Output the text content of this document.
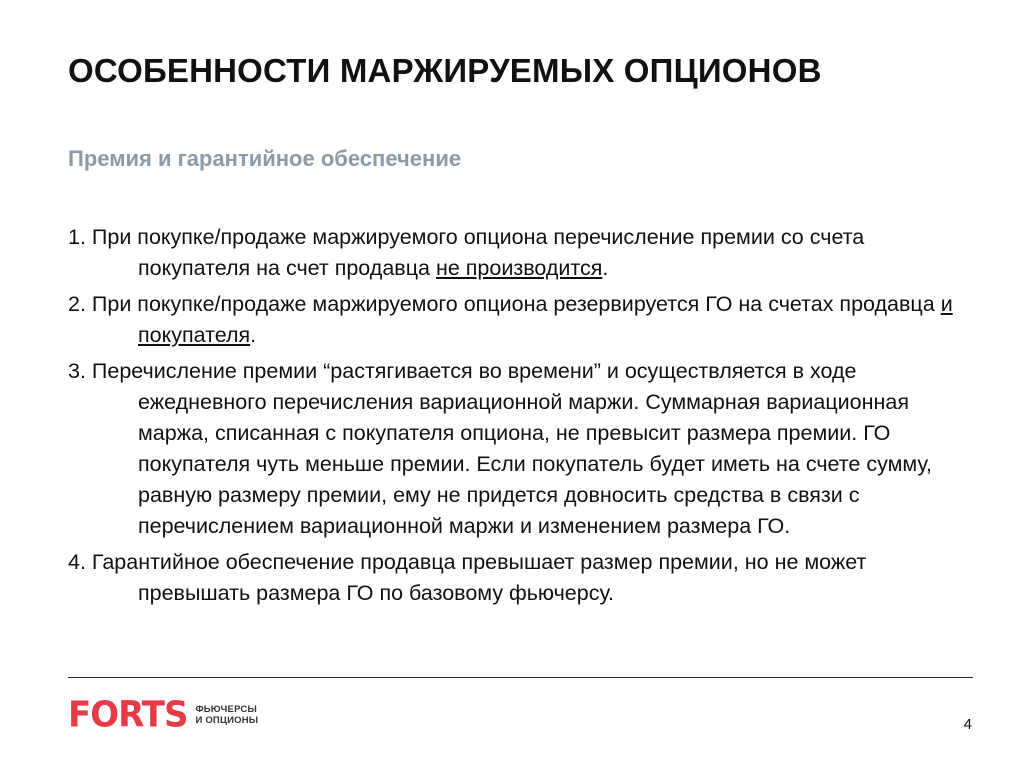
ОСОБЕННОСТИ МАРЖИРУЕМЫХ ОПЦИОНОВ
Премия и гарантийное обеспечение
1. При покупке/продаже маржируемого опциона перечисление премии со счета покупателя на счет продавца не производится.
2. При покупке/продаже маржируемого опциона резервируется ГО на счетах продавца и покупателя.
3. Перечисление премии “растягивается во времени” и осуществляется в ходе ежедневного перечисления вариационной маржи. Суммарная вариационная маржа, списанная с покупателя опциона, не превысит размера премии. ГО покупателя чуть меньше премии. Если покупатель будет иметь на счете сумму, равную размеру премии, ему не придется довносить средства в связи с перечислением вариационной маржи и изменением размера ГО.
4. Гарантийное обеспечение продавца превышает размер премии, но не может превышать размера ГО по базовому фьючерсу.
FORTS ФЬЮЧЕРСЫ
И ОПЦИОНЫ	4
